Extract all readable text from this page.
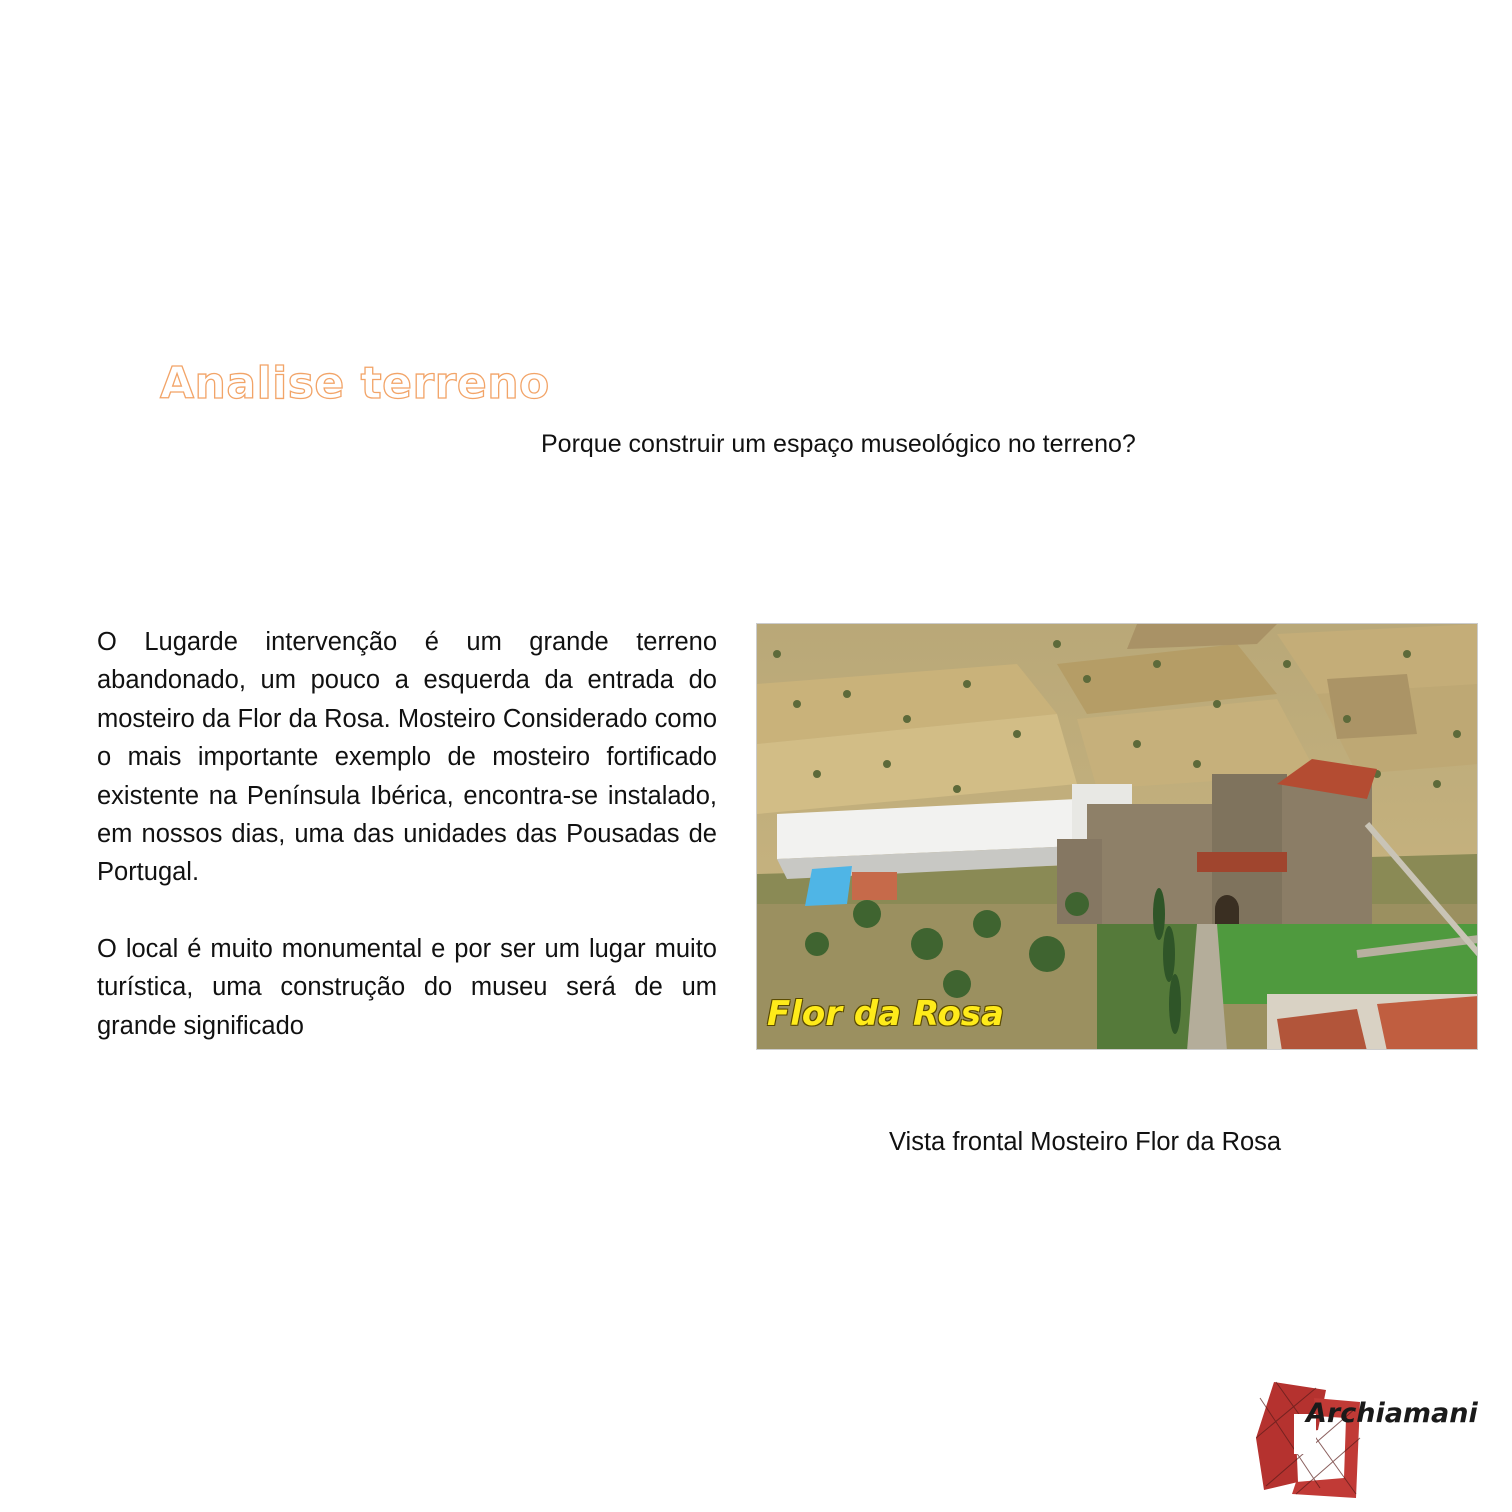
Analise terreno
Porque construir um espaço museológico no terreno?

O Lugarde intervenção é um grande terreno abandonado, um pouco a esquerda da entrada do mosteiro da Flor da Rosa. Mosteiro Considerado como o mais importante exemplo de mosteiro fortificado existente na Península Ibérica, encontra-se instalado, em nossos dias, uma das unidades das Pousadas de Portugal.

O local é muito monumental e por ser um lugar muito turística, uma construção do museu será de um grande significado	Flor da Rosa
Vista frontal Mosteiro Flor da Rosa
Archiamani
